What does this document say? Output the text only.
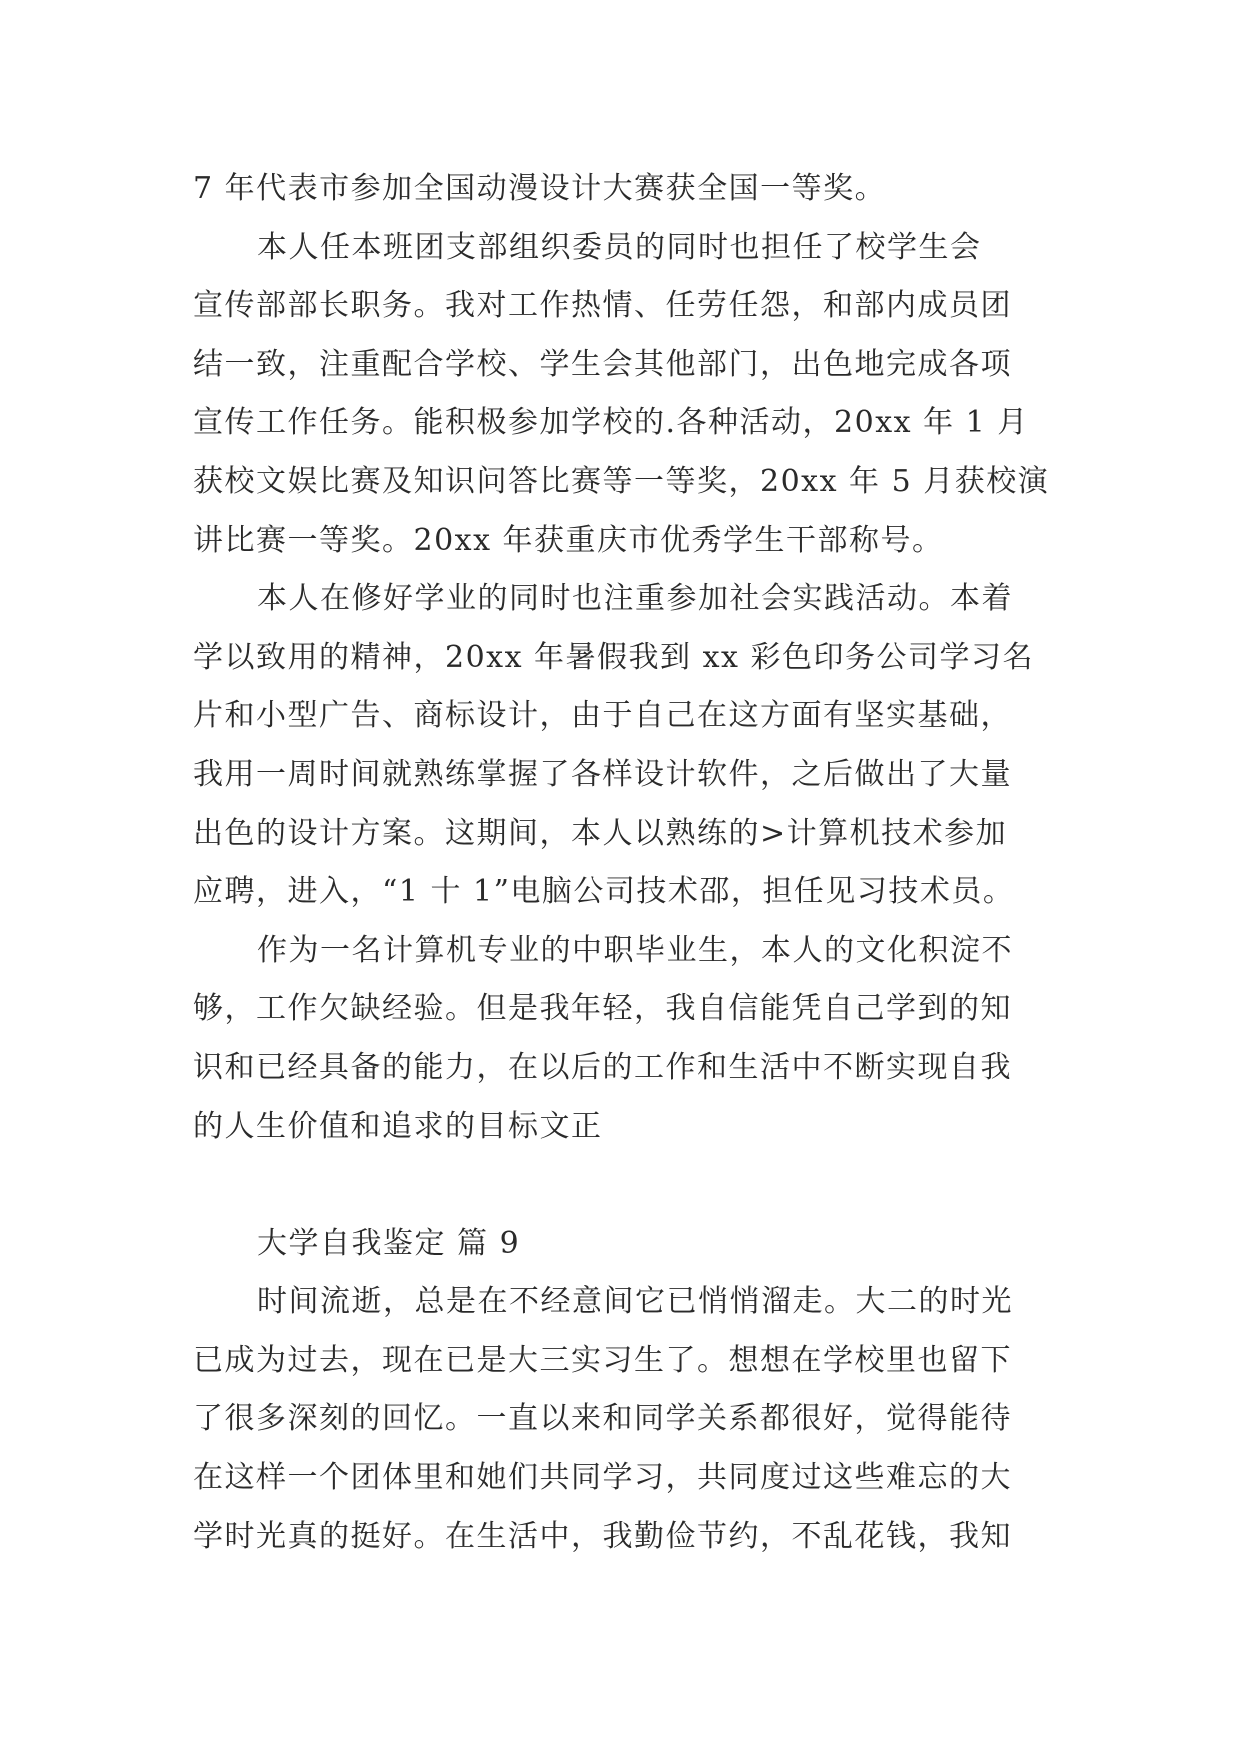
7 年代表市参加全国动漫设计大赛获全国一等奖。
本人任本班团支部组织委员的同时也担任了校学生会
宣传部部长职务。我对工作热情、任劳任怨，和部内成员团
结一致，注重配合学校、学生会其他部门，出色地完成各项
宣传工作任务。能积极参加学校的.各种活动，20xx 年 1 月
获校文娱比赛及知识问答比赛等一等奖，20xx 年 5 月获校演
讲比赛一等奖。20xx 年获重庆市优秀学生干部称号。
本人在修好学业的同时也注重参加社会实践活动。本着
学以致用的精神，20xx 年暑假我到 xx 彩色印务公司学习名
片和小型广告、商标设计，由于自己在这方面有坚实基础，
我用一周时间就熟练掌握了各样设计软件，之后做出了大量
出色的设计方案。这期间，本人以熟练的>计算机技术参加
应聘，进入，“1 十 1”电脑公司技术邵，担任见习技术员。
作为一名计算机专业的中职毕业生，本人的文化积淀不
够，工作欠缺经验。但是我年轻，我自信能凭自己学到的知
识和已经具备的能力，在以后的工作和生活中不断实现自我
的人生价值和追求的目标文正
大学自我鉴定 篇 9
时间流逝，总是在不经意间它已悄悄溜走。大二的时光
已成为过去，现在已是大三实习生了。想想在学校里也留下
了很多深刻的回忆。一直以来和同学关系都很好，觉得能待
在这样一个团体里和她们共同学习，共同度过这些难忘的大
学时光真的挺好。在生活中，我勤俭节约，不乱花钱，我知
